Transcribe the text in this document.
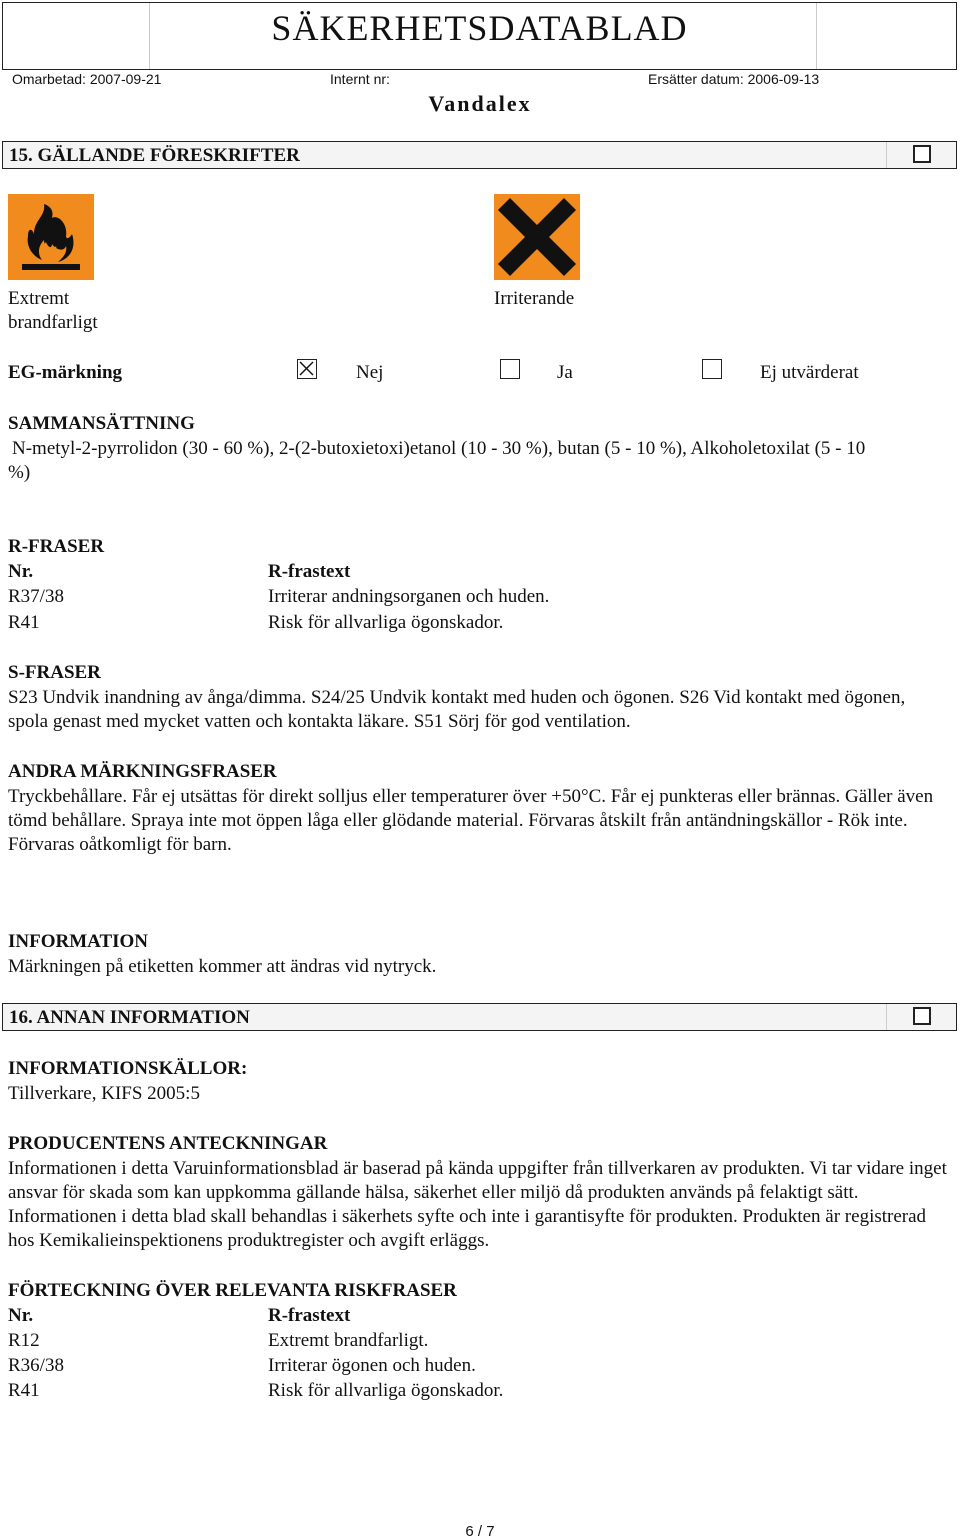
SÄKERHETSDATABLAD
Omarbetad: 2007-09-21	Internt nr:	Ersätter datum: 2006-09-13
Vandalex
15. GÄLLANDE FÖRESKRIFTER
Extremt
brandfarligt
Irriterande
EG-märkning	Nej	Ja	Ej utvärderat
SAMMANSÄTTNING
N-metyl-2-pyrrolidon (30 - 60 %), 2-(2-butoxietoxi)etanol (10 - 30 %), butan (5 - 10 %), Alkoholetoxilat (5 - 10
%)
R-FRASER
Nr.	R-frastext
R37/38	Irriterar andningsorganen och huden.
R41	Risk för allvarliga ögonskador.
S-FRASER
S23 Undvik inandning av ånga/dimma. S24/25 Undvik kontakt med huden och ögonen. S26 Vid kontakt med ögonen, spola genast med mycket vatten och kontakta läkare. S51 Sörj för god ventilation.
ANDRA MÄRKNINGSFRASER
Tryckbehållare. Får ej utsättas för direkt solljus eller temperaturer över +50°C. Får ej punkteras eller brännas. Gäller även tömd behållare. Spraya inte mot öppen låga eller glödande material. Förvaras åtskilt från antändningskällor - Rök inte. Förvaras oåtkomligt för barn.
INFORMATION
Märkningen på etiketten kommer att ändras vid nytryck.
16. ANNAN INFORMATION
INFORMATIONSKÄLLOR:
Tillverkare, KIFS 2005:5
PRODUCENTENS ANTECKNINGAR
Informationen i detta Varuinformationsblad är baserad på kända uppgifter från tillverkaren av produkten. Vi tar vidare inget ansvar för skada som kan uppkomma gällande hälsa, säkerhet eller miljö då produkten används på felaktigt sätt. Informationen i detta blad skall behandlas i säkerhets syfte och inte i garantisyfte för produkten. Produkten är registrerad hos Kemikalieinspektionens produktregister och avgift erläggs.
FÖRTECKNING ÖVER RELEVANTA RISKFRASER
Nr.	R-frastext
R12	Extremt brandfarligt.
R36/38	Irriterar ögonen och huden.
R41	Risk för allvarliga ögonskador.
6 / 7
